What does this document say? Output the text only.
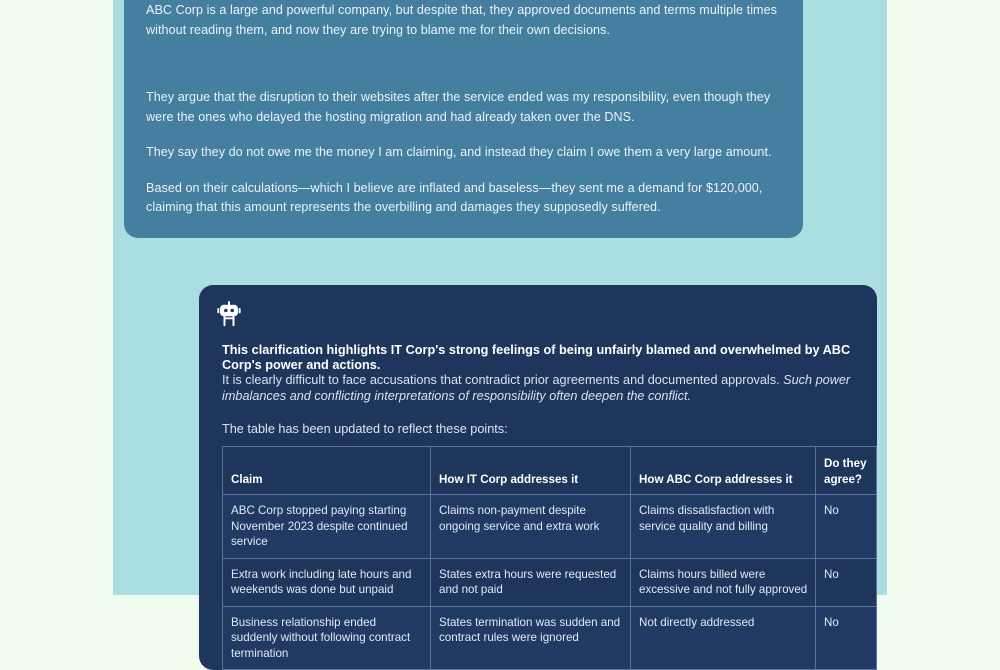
ABC Corp is a large and powerful company, but despite that, they approved documents and terms multiple times without reading them, and now they are trying to blame me for their own decisions.

They argue that the disruption to their websites after the service ended was my responsibility, even though they were the ones who delayed the hosting migration and had already taken over the DNS.

They say they do not owe me the money I am claiming, and instead they claim I owe them a very large amount.

Based on their calculations—which I believe are inflated and baseless—they sent me a demand for $120,000, claiming that this amount represents the overbilling and damages they supposedly suffered.

This clarification highlights IT Corp's strong feelings of being unfairly blamed and overwhelmed by ABC Corp's power and actions.

It is clearly difficult to face accusations that contradict prior agreements and documented approvals. Such power imbalances and conflicting interpretations of responsibility often deepen the conflict.

The table has been updated to reflect these points:

Claim	How IT Corp addresses it	How ABC Corp addresses it	Do they agree?
ABC Corp stopped paying starting November 2023 despite continued service	Claims non-payment despite ongoing service and extra work	Claims dissatisfaction with service quality and billing	No
Extra work including late hours and weekends was done but unpaid	States extra hours were requested and not paid	Claims hours billed were excessive and not fully approved	No
Business relationship ended suddenly without following contract termination	States termination was sudden and contract rules were ignored	Not directly addressed	No
